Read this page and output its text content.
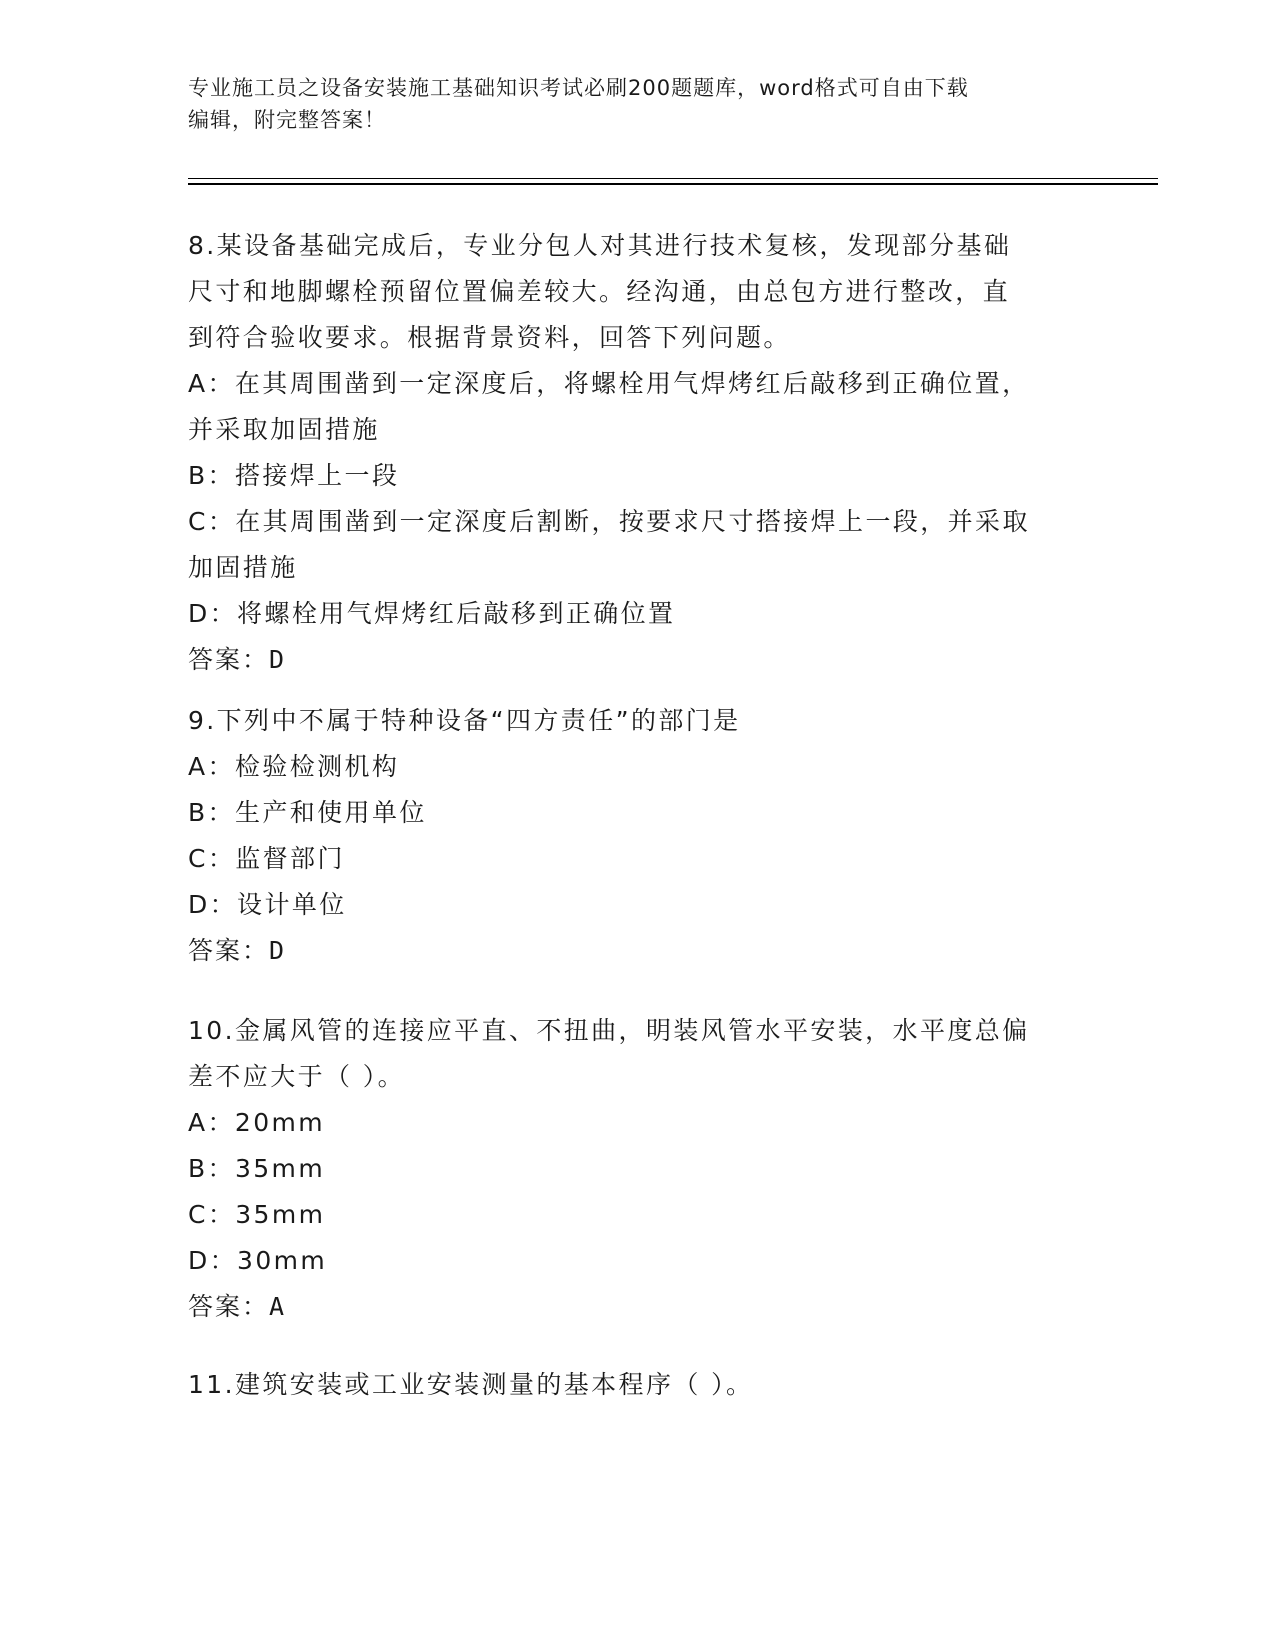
专业施工员之设备安装施工基础知识考试必刷200题题库，word格式可自由下载
编辑，附完整答案！
8.某设备基础完成后，专业分包人对其进行技术复核，发现部分基础
尺寸和地脚螺栓预留位置偏差较大。经沟通，由总包方进行整改，直
到符合验收要求。根据背景资料，回答下列问题。
A：在其周围凿到一定深度后，将螺栓用气焊烤红后敲移到正确位置，
并采取加固措施
B：搭接焊上一段
C：在其周围凿到一定深度后割断，按要求尺寸搭接焊上一段，并采取
加固措施
D：将螺栓用气焊烤红后敲移到正确位置
答案：D
9.下列中不属于特种设备“四方责任”的部门是
A：检验检测机构
B：生产和使用单位
C：监督部门
D：设计单位
答案：D
10.金属风管的连接应平直、不扭曲，明装风管水平安装，水平度总偏
差不应大于（ ）。
A：20mm
B：35mm
C：35mm
D：30mm
答案：A
11.建筑安装或工业安装测量的基本程序（ ）。
